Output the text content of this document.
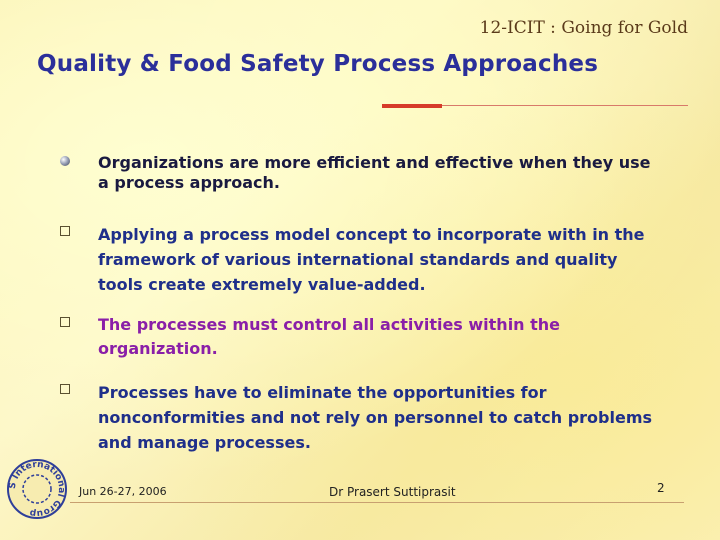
12-ICIT : Going for Gold
Quality & Food Safety Process Approaches
Organizations are more efficient and effective when they use a process approach.
Applying a process model concept to incorporate with in the framework of various international standards and quality tools create extremely value-added.
The processes must control all activities within the organization.
Processes have to eliminate the opportunities for nonconformities and not rely on personnel to catch problems and manage processes.
S International Group
Jun 26-27, 2006	Dr Prasert Suttiprasit	2
